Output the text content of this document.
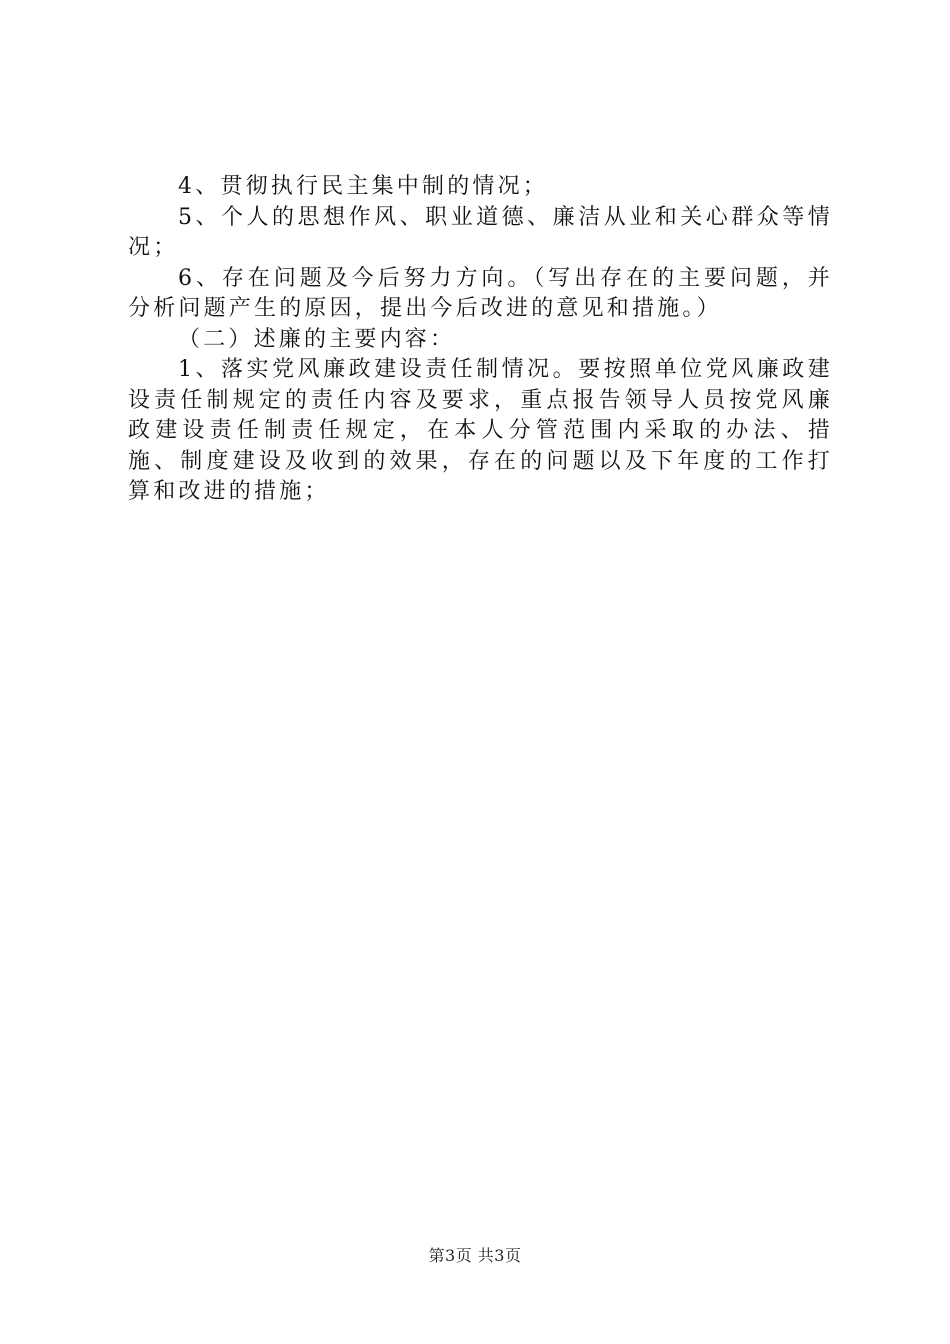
4、贯彻执行民主集中制的情况；

5、个人的思想作风、职业道德、廉洁从业和关心群众等情况；

6、存在问题及今后努力方向。（写出存在的主要问题，并分析问题产生的原因，提出今后改进的意见和措施。）

（二）述廉的主要内容：

1、落实党风廉政建设责任制情况。要按照单位党风廉政建设责任制规定的责任内容及要求，重点报告领导人员按党风廉政建设责任制责任规定，在本人分管范围内采取的办法、措施、制度建设及收到的效果，存在的问题以及下年度的工作打算和改进的措施；

第3页 共3页
